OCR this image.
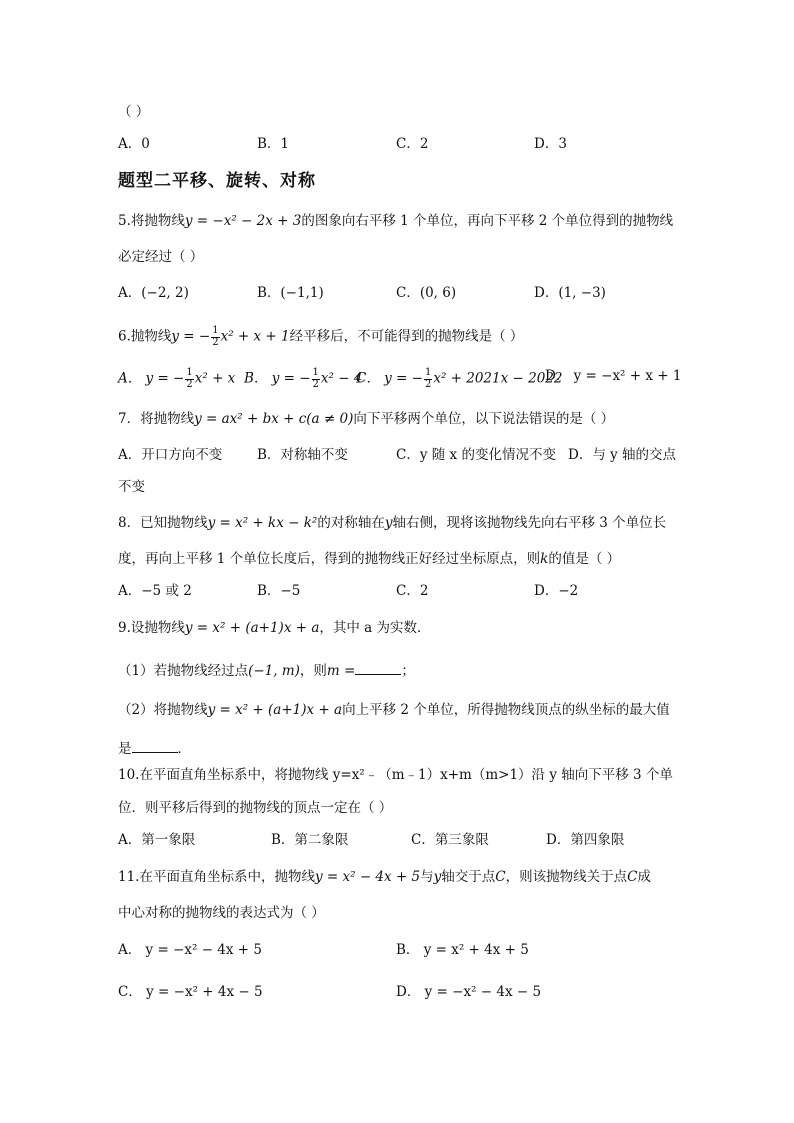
（ ）
A．0	B．1	C．2	D．3
题型二平移、旋转、对称
5.将抛物线y = −x² − 2x + 3的图象向右平移 1 个单位，再向下平移 2 个单位得到的抛物线
必定经过（ ）
A．(−2, 2)	B．(−1,1)	C．(0, 6)	D．(1, −3)
6.抛物线y = − $\frac{1}{2} x^2 + x + 1$经平移后，不可能得到的抛物线是（ ）
A． y = − $\frac{1}{2} x^2 + x$ B． y = − $\frac{1}{2} x^2 - 4$
C． y = − $\frac{1}{2} x^2 + 2021x - 2022$
D． y = −x² + x + 1
7．将抛物线y = ax² + bx + c(a ≠ 0)向下平移两个单位，以下说法错误的是（ ）
A．开口方向不变	B．对称轴不变	C．y 随 x 的变化情况不变 D．与 y 轴的交点
不变
8．已知抛物线y = x² + kx − k²的对称轴在y轴右侧，现将该抛物线先向右平移 3 个单位长
度，再向上平移 1 个单位长度后，得到的抛物线正好经过坐标原点，则k的值是（ ）
A．−5 或 2	B．−5	C．2	D．−2
9.设抛物线y = x² + (a+1)x + a，其中 a 为实数．
（1）若抛物线经过点(−1, m)，则m =	；
（2）将抛物线y = x² + (a+1)x + a向上平移 2 个单位，所得抛物线顶点的纵坐标的最大值
是	．
10.在平面直角坐标系中，将抛物线 y=x²﹣（m﹣1）x+m（m>1）沿 y 轴向下平移 3 个单
位．则平移后得到的抛物线的顶点一定在（ ）
A．第一象限	B．第二象限	C．第三象限	D．第四象限
11.在平面直角坐标系中，抛物线y = x² − 4x + 5与y轴交于点C，则该抛物线关于点C成
中心对称的抛物线的表达式为（ ）
A． y = −x² − 4x + 5	B． y = x² + 4x + 5
C． y = −x² + 4x − 5	D． y = −x² − 4x − 5
